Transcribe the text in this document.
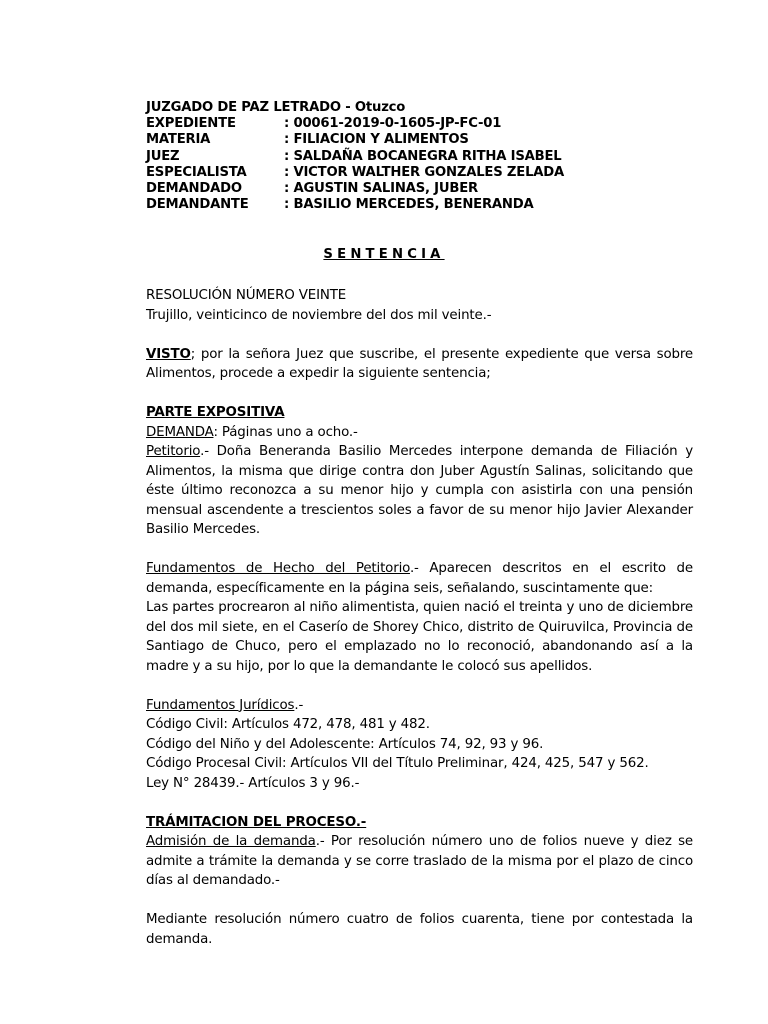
JUZGADO DE PAZ LETRADO - Otuzco
EXPEDIENTE	: 00061-2019-0-1605-JP-FC-01
MATERIA	: FILIACION Y ALIMENTOS
JUEZ	: SALDAÑA BOCANEGRA RITHA ISABEL
ESPECIALISTA	: VICTOR WALTHER GONZALES ZELADA
DEMANDADO	: AGUSTIN SALINAS, JUBER
DEMANDANTE	: BASILIO MERCEDES, BENERANDA
SENTENCIA

RESOLUCIÓN NÚMERO VEINTE

Trujillo, veinticinco de noviembre del dos mil veinte.-

VISTO; por la señora Juez que suscribe, el presente expediente que versa sobre Alimentos, procede a expedir la siguiente sentencia;

PARTE EXPOSITIVA

DEMANDA: Páginas uno a ocho.-

Petitorio.- Doña Beneranda Basilio Mercedes interpone demanda de Filiación y Alimentos, la misma que dirige contra don Juber Agustín Salinas, solicitando que éste último reconozca a su menor hijo y cumpla con asistirla con una pensión mensual ascendente a trescientos soles a favor de su menor hijo Javier Alexander Basilio Mercedes.

Fundamentos de Hecho del Petitorio.- Aparecen descritos en el escrito de demanda, específicamente en la página seis, señalando, suscintamente que:

Las partes procrearon al niño alimentista, quien nació el treinta y uno de diciembre del dos mil siete, en el Caserío de Shorey Chico, distrito de Quiruvilca, Provincia de Santiago de Chuco, pero el emplazado no lo reconoció, abandonando así a la madre y a su hijo, por lo que la demandante le colocó sus apellidos.

Fundamentos Jurídicos.-

Código Civil: Artículos 472, 478, 481 y 482.

Código del Niño y del Adolescente: Artículos 74, 92, 93 y 96.

Código Procesal Civil: Artículos VII del Título Preliminar, 424, 425, 547 y 562.

Ley N° 28439.- Artículos 3 y 96.-

TRÁMITACION DEL PROCESO.-

Admisión de la demanda.- Por resolución número uno de folios nueve y diez se admite a trámite la demanda y se corre traslado de la misma por el plazo de cinco días al demandado.-

Mediante resolución número cuatro de folios cuarenta, tiene por contestada la demanda.
